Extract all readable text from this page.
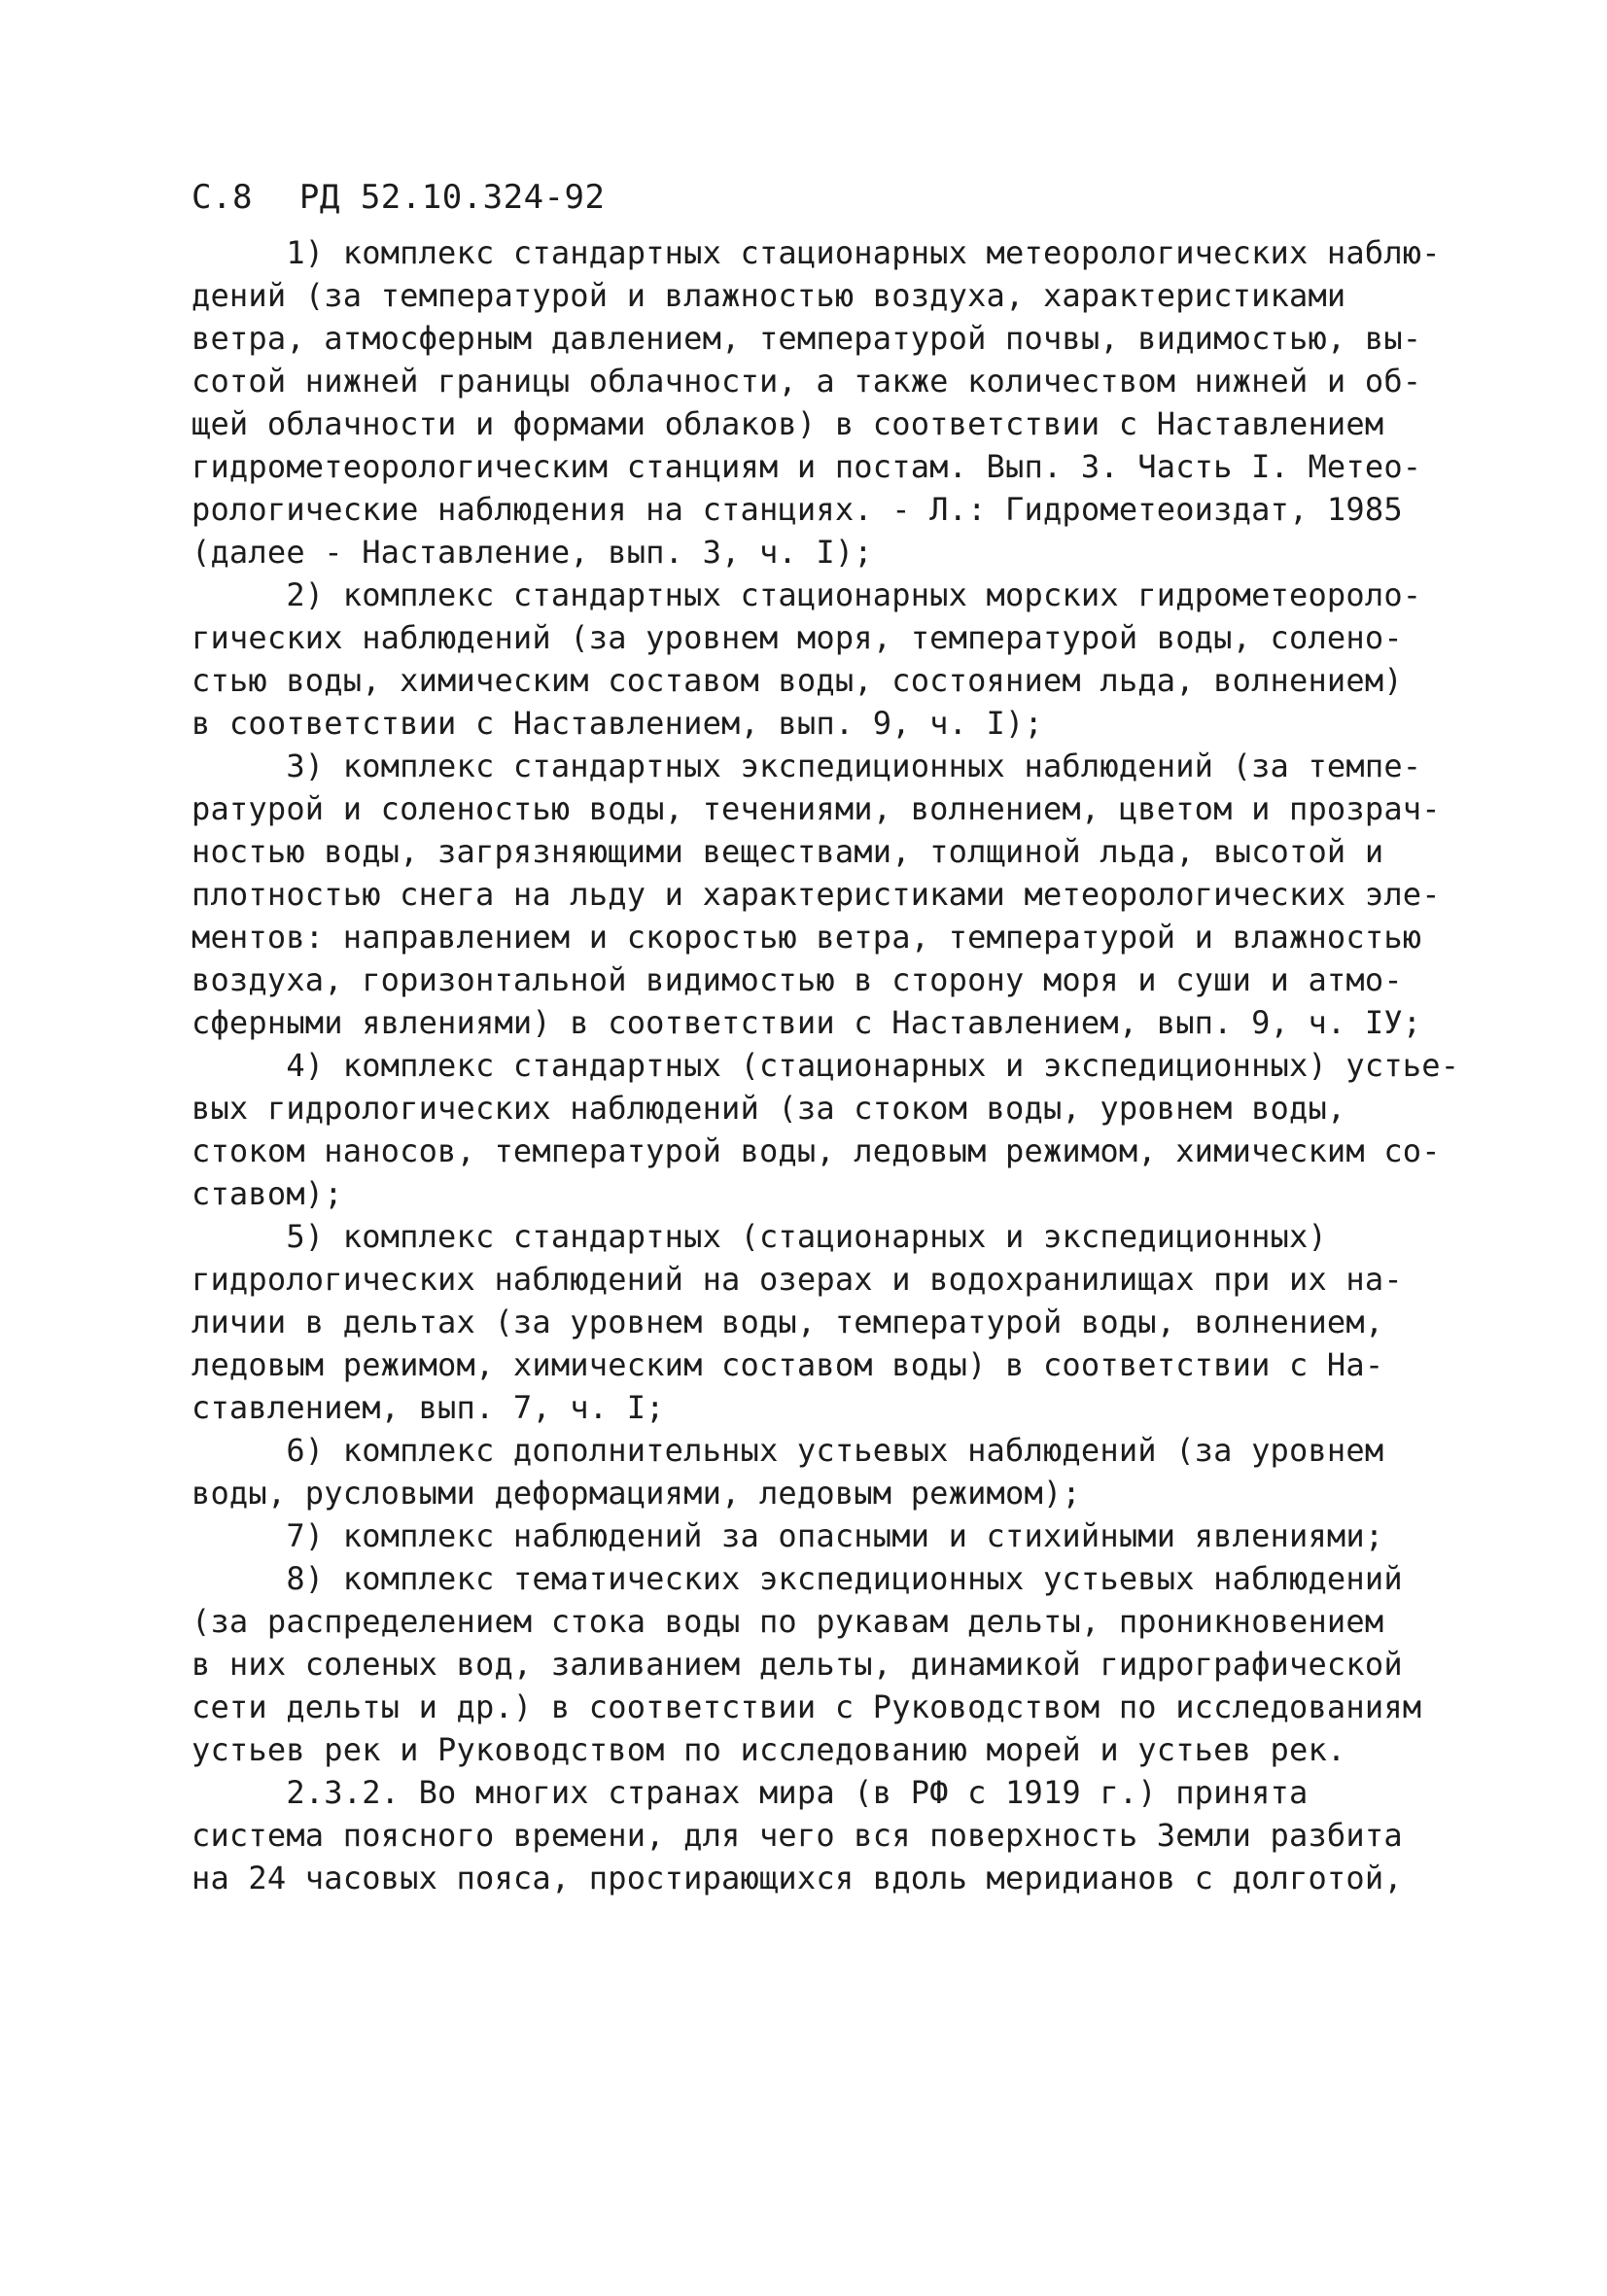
С.8 РД 52.10.324-92
1) комплекс стандартных стационарных метеорологических наблю-
дений (за температурой и влажностью воздуха, характеристиками
ветра, атмосферным давлением, температурой почвы, видимостью, вы-
сотой нижней границы облачности, а также количеством нижней и об-
щей облачности и формами облаков) в соответствии с Наставлением
гидрометеорологическим станциям и постам. Вып. 3. Часть I. Метео-
рологические наблюдения на станциях. - Л.: Гидрометеоиздат, 1985
(далее - Наставление, вып. 3, ч. I);
2) комплекс стандартных стационарных морских гидрометеороло-
гических наблюдений (за уровнем моря, температурой воды, солено-
стью воды, химическим составом воды, состоянием льда, волнением)
в соответствии с Наставлением, вып. 9, ч. I);
3) комплекс стандартных экспедиционных наблюдений (за темпе-
ратурой и соленостью воды, течениями, волнением, цветом и прозрач-
ностью воды, загрязняющими веществами, толщиной льда, высотой и
плотностью снега на льду и характеристиками метеорологических эле-
ментов: направлением и скоростью ветра, температурой и влажностью
воздуха, горизонтальной видимостью в сторону моря и суши и атмо-
сферными явлениями) в соответствии с Наставлением, вып. 9, ч. IУ;
4) комплекс стандартных (стационарных и экспедиционных) устье-
вых гидрологических наблюдений (за стоком воды, уровнем воды,
стоком наносов, температурой воды, ледовым режимом, химическим со-
ставом);
5) комплекс стандартных (стационарных и экспедиционных)
гидрологических наблюдений на озерах и водохранилищах при их на-
личии в дельтах (за уровнем воды, температурой воды, волнением,
ледовым режимом, химическим составом воды) в соответствии с На-
ставлением, вып. 7, ч. I;
6) комплекс дополнительных устьевых наблюдений (за уровнем
воды, русловыми деформациями, ледовым режимом);
7) комплекс наблюдений за опасными и стихийными явлениями;
8) комплекс тематических экспедиционных устьевых наблюдений
(за распределением стока воды по рукавам дельты, проникновением
в них соленых вод, заливанием дельты, динамикой гидрографической
сети дельты и др.) в соответствии с Руководством по исследованиям
устьев рек и Руководством по исследованию морей и устьев рек.
2.3.2. Во многих странах мира (в РФ с 1919 г.) принята
система поясного времени, для чего вся поверхность Земли разбита
на 24 часовых пояса, простирающихся вдоль меридианов с долготой,
